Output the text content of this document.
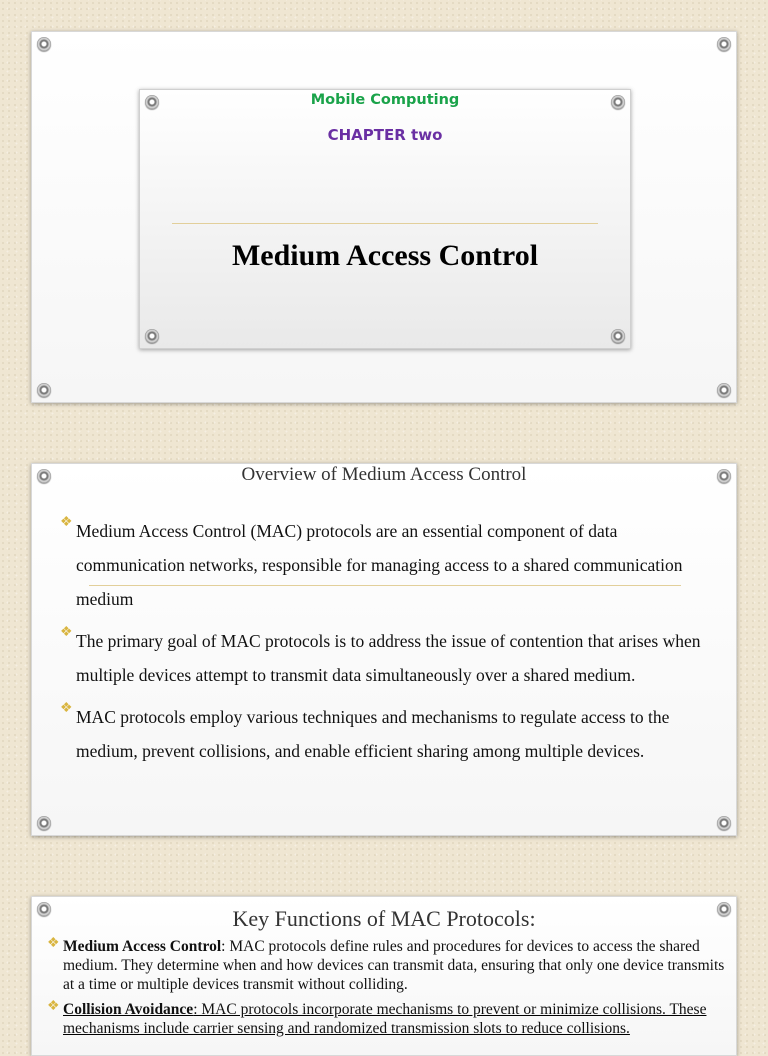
Mobile Computing
CHAPTER two
Medium Access Control
Overview of Medium Access Control
❖ Medium Access Control (MAC) protocols are an essential component of data communication networks, responsible for managing access to a shared communication medium
❖ The primary goal of MAC protocols is to address the issue of contention that arises when multiple devices attempt to transmit data simultaneously over a shared medium.
❖ MAC protocols employ various techniques and mechanisms to regulate access to the medium, prevent collisions, and enable efficient sharing among multiple devices.
Key Functions of MAC Protocols:
❖ Medium Access Control: MAC protocols define rules and procedures for devices to access the shared medium. They determine when and how devices can transmit data, ensuring that only one device transmits at a time or multiple devices transmit without colliding.
❖ Collision Avoidance: MAC protocols incorporate mechanisms to prevent or minimize collisions. These mechanisms include carrier sensing and randomized transmission slots to reduce collisions.
